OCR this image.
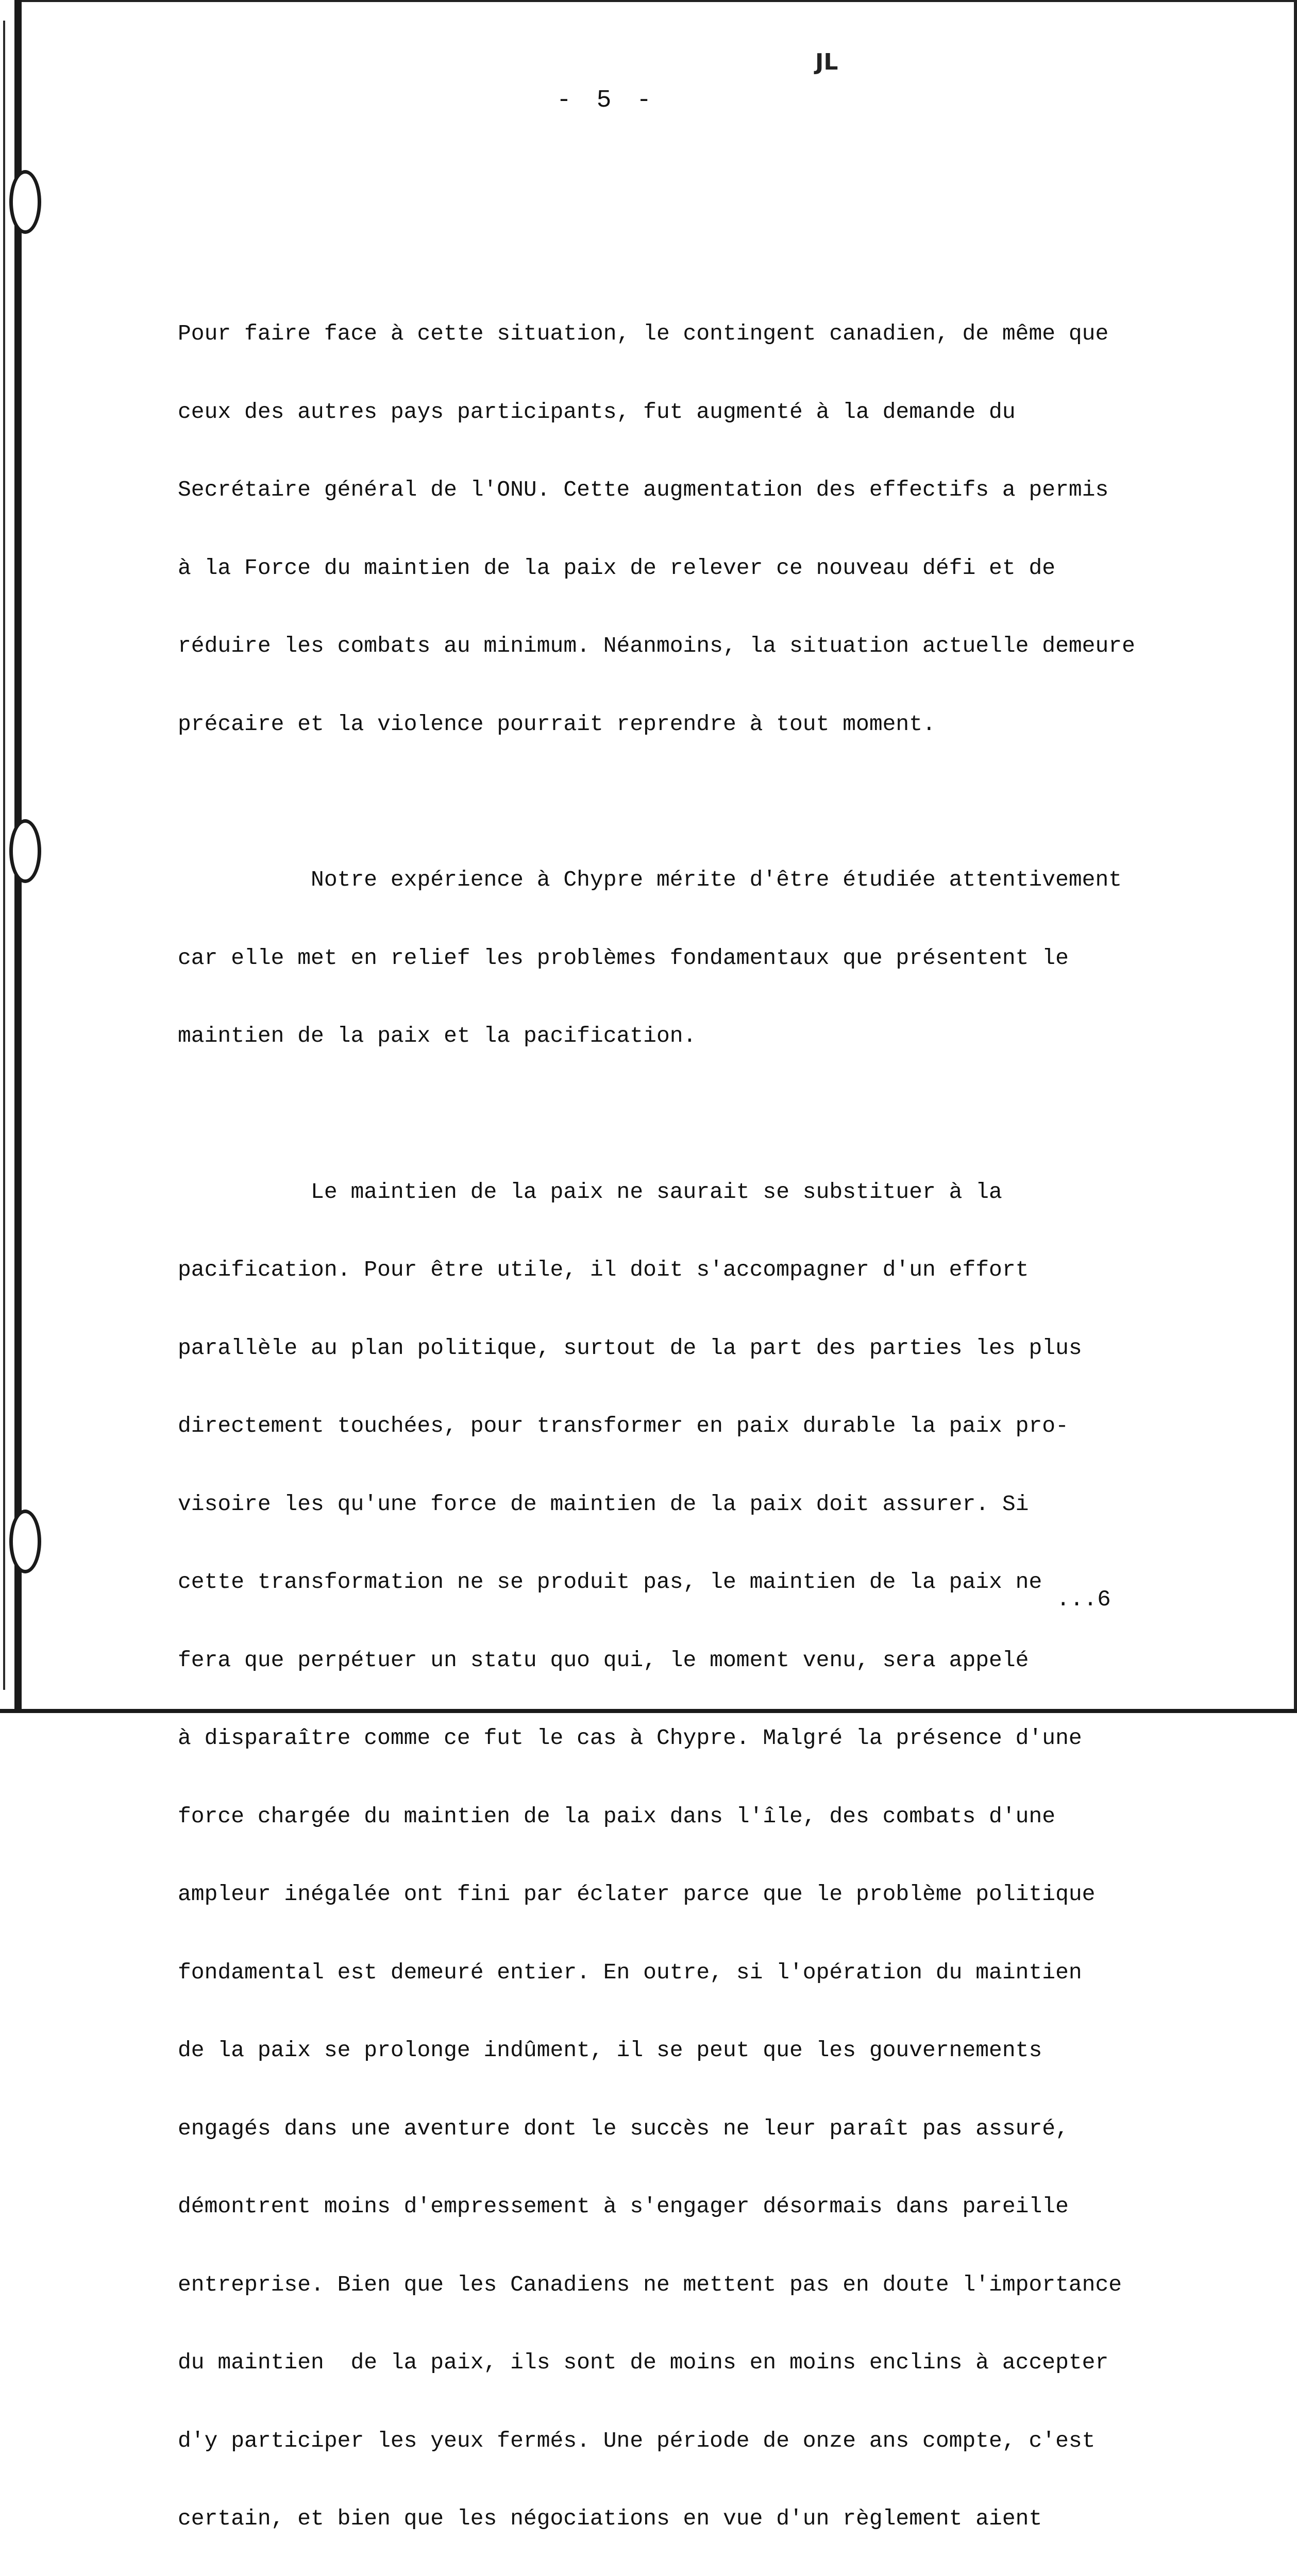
JL
- 5 -

Pour faire face à cette situation, le contingent canadien, de même que

ceux des autres pays participants, fut augmenté à la demande du

Secrétaire général de l'ONU. Cette augmentation des effectifs a permis

à la Force du maintien de la paix de relever ce nouveau défi et de

réduire les combats au minimum. Néanmoins, la situation actuelle demeure

précaire et la violence pourrait reprendre à tout moment.

Notre expérience à Chypre mérite d'être étudiée attentivement

car elle met en relief les problèmes fondamentaux que présentent le

maintien de la paix et la pacification.

Le maintien de la paix ne saurait se substituer à la

pacification. Pour être utile, il doit s'accompagner d'un effort

parallèle au plan politique, surtout de la part des parties les plus

directement touchées, pour transformer en paix durable la paix pro-

visoire les qu'une force de maintien de la paix doit assurer. Si

cette transformation ne se produit pas, le maintien de la paix ne

fera que perpétuer un statu quo qui, le moment venu, sera appelé

à disparaître comme ce fut le cas à Chypre. Malgré la présence d'une

force chargée du maintien de la paix dans l'île, des combats d'une

ampleur inégalée ont fini par éclater parce que le problème politique

fondamental est demeuré entier. En outre, si l'opération du maintien

de la paix se prolonge indûment, il se peut que les gouvernements

engagés dans une aventure dont le succès ne leur paraît pas assuré,

démontrent moins d'empressement à s'engager désormais dans pareille

entreprise. Bien que les Canadiens ne mettent pas en doute l'importance

du maintien  de la paix, ils sont de moins en moins enclins à accepter

d'y participer les yeux fermés. Une période de onze ans compte, c'est

certain, et bien que les négociations en vue d'un règlement aient

...6
